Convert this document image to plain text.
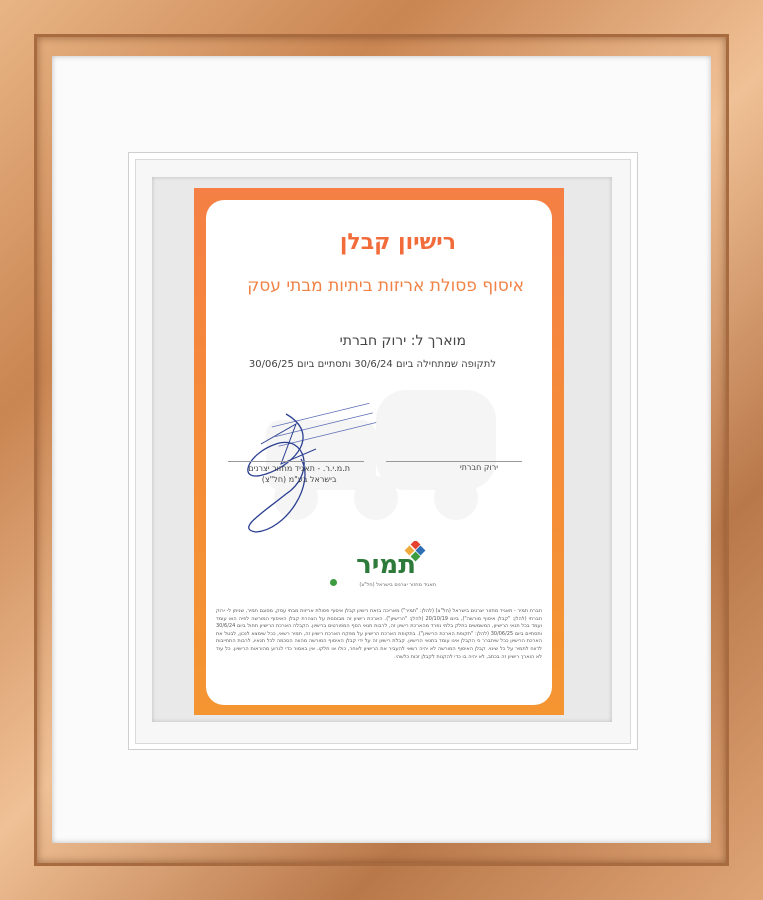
רישיון קבלן
איסוף פסולת אריזות ביתיות מבתי עסק
מוארך ל: ירוק חברתי
לתקופה שמתחילה ביום 30/6/24 ותסתיים ביום 30/06/25
ירוק חברתי
ת.מ.י.ר. - תאגיד מחזור יצרנים
בישראל בע"מ (חל"צ)
תמיר
תאגיד מחזור יצרנים בישראל (חל"צ)
חברת תמיר - תאגיד מחזור יצרנים בישראל (חל"צ) (להלן: "תמיר") מאריכה בזאת רישיון קבלן איסוף פסולת אריזות מבתי עסק, מסוגם תמיר, שניתן ל- ירוק חברתי (להלן: "קבלן איסוף מורשה"), ביום 20/10/19 (להלן: "הרישיון"). הארכת רישיון זה מבוססת על הצהרת קבלן האיסוף המורשה לפיה הוא עומד ועמד בכל תנאי הרישיון, המשמשים כחלק בלתי נפרד מהארכת רישיון זה, לרבות תנאי הסף המפורטים ברישיון. הקבלה הארכת הרישיון תחול ביום 30/6/24 ותסתיים ביום 30/06/25 (להלן: "תקופת הארכת הרישיון"). בתקופת הארכת הרישיון על מפקח הארכת רישיון זה, תמיר רשאי, ככל שימצא לנכון, לבטל את הארכת הרישיון ככל שיתברר כי הקבלן אינו עומד בתנאי הרישיון. קבלת רישיון זה על ידי קבלן האיסוף המורשה מהווה הסכמה לכל תנאיו, לרבות התחייבות לדווח לתמיר על כל שינוי. קבלן האיסוף המורשה לא יהיה רשאי להעביר את הרישיון לאחר, כולו או חלקו. אין באמור כדי לגרוע מהוראות הרישיון. כל עוד לא הוארך רישיון זה בכתב, לא יהיה בו כדי להקנות לקבלן זכות כלשהי.
